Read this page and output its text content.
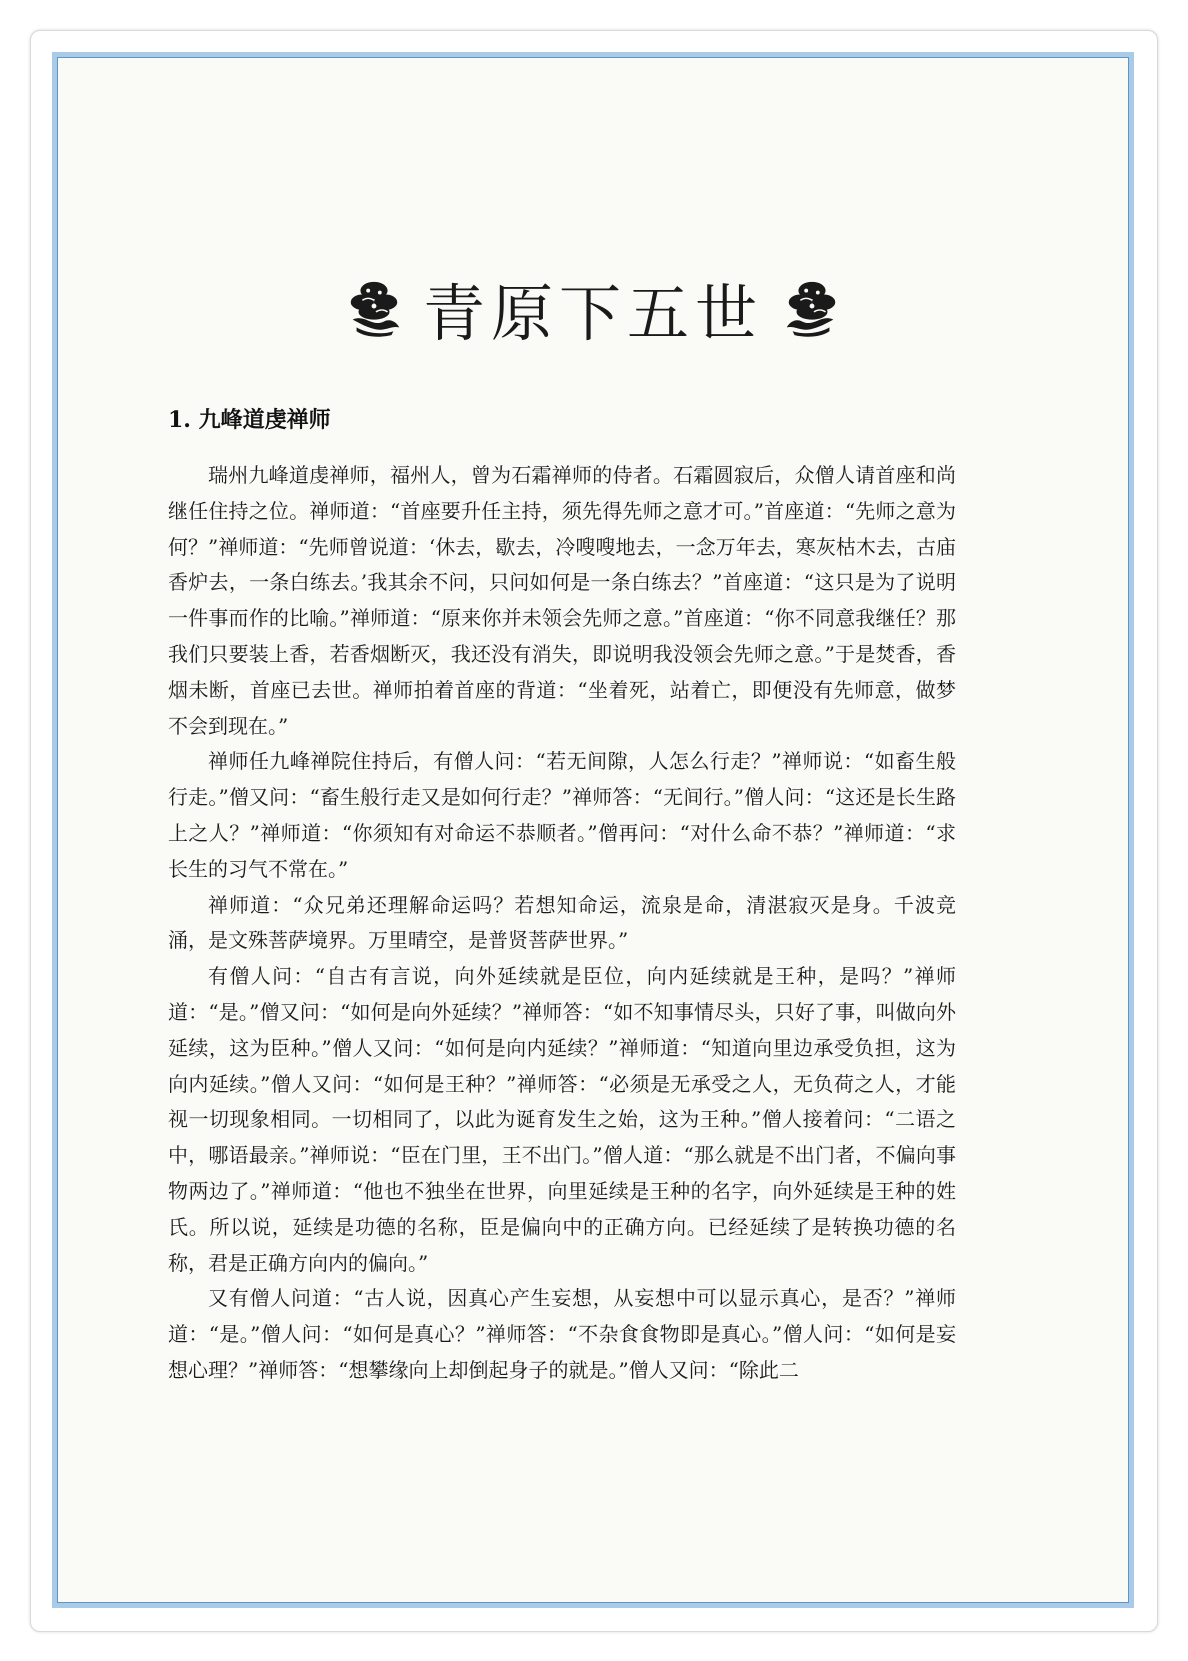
青原下五世
1. 九峰道虔禅师

瑞州九峰道虔禅师，福州人，曾为石霜禅师的侍者。石霜圆寂后，众僧人请首座和尚继任住持之位。禅师道：“首座要升任主持，须先得先师之意才可。”首座道：“先师之意为何？”禅师道：“先师曾说道：‘休去，歇去，冷嗖嗖地去，一念万年去，寒灰枯木去，古庙香炉去，一条白练去。’我其余不问，只问如何是一条白练去？”首座道：“这只是为了说明一件事而作的比喻。”禅师道：“原来你并未领会先师之意。”首座道：“你不同意我继任？那我们只要装上香，若香烟断灭，我还没有消失，即说明我没领会先师之意。”于是焚香，香烟未断，首座已去世。禅师拍着首座的背道：“坐着死，站着亡，即便没有先师意，做梦不会到现在。”

禅师任九峰禅院住持后，有僧人问：“若无间隙，人怎么行走？”禅师说：“如畜生般行走。”僧又问：“畜生般行走又是如何行走？”禅师答：“无间行。”僧人问：“这还是长生路上之人？”禅师道：“你须知有对命运不恭顺者。”僧再问：“对什么命不恭？”禅师道：“求长生的习气不常在。”

禅师道：“众兄弟还理解命运吗？若想知命运，流泉是命，清湛寂灭是身。千波竞涌，是文殊菩萨境界。万里晴空，是普贤菩萨世界。”

有僧人问：“自古有言说，向外延续就是臣位，向内延续就是王种，是吗？”禅师道：“是。”僧又问：“如何是向外延续？”禅师答：“如不知事情尽头，只好了事，叫做向外延续，这为臣种。”僧人又问：“如何是向内延续？”禅师道：“知道向里边承受负担，这为向内延续。”僧人又问：“如何是王种？”禅师答：“必须是无承受之人，无负荷之人，才能视一切现象相同。一切相同了，以此为诞育发生之始，这为王种。”僧人接着问：“二语之中，哪语最亲。”禅师说：“臣在门里，王不出门。”僧人道：“那么就是不出门者，不偏向事物两边了。”禅师道：“他也不独坐在世界，向里延续是王种的名字，向外延续是王种的姓氏。所以说，延续是功德的名称，臣是偏向中的正确方向。已经延续了是转换功德的名称，君是正确方向内的偏向。”

又有僧人问道：“古人说，因真心产生妄想，从妄想中可以显示真心，是否？”禅师道：“是。”僧人问：“如何是真心？”禅师答：“不杂食食物即是真心。”僧人问：“如何是妄想心理？”禅师答：“想攀缘向上却倒起身子的就是。”僧人又问：“除此二
